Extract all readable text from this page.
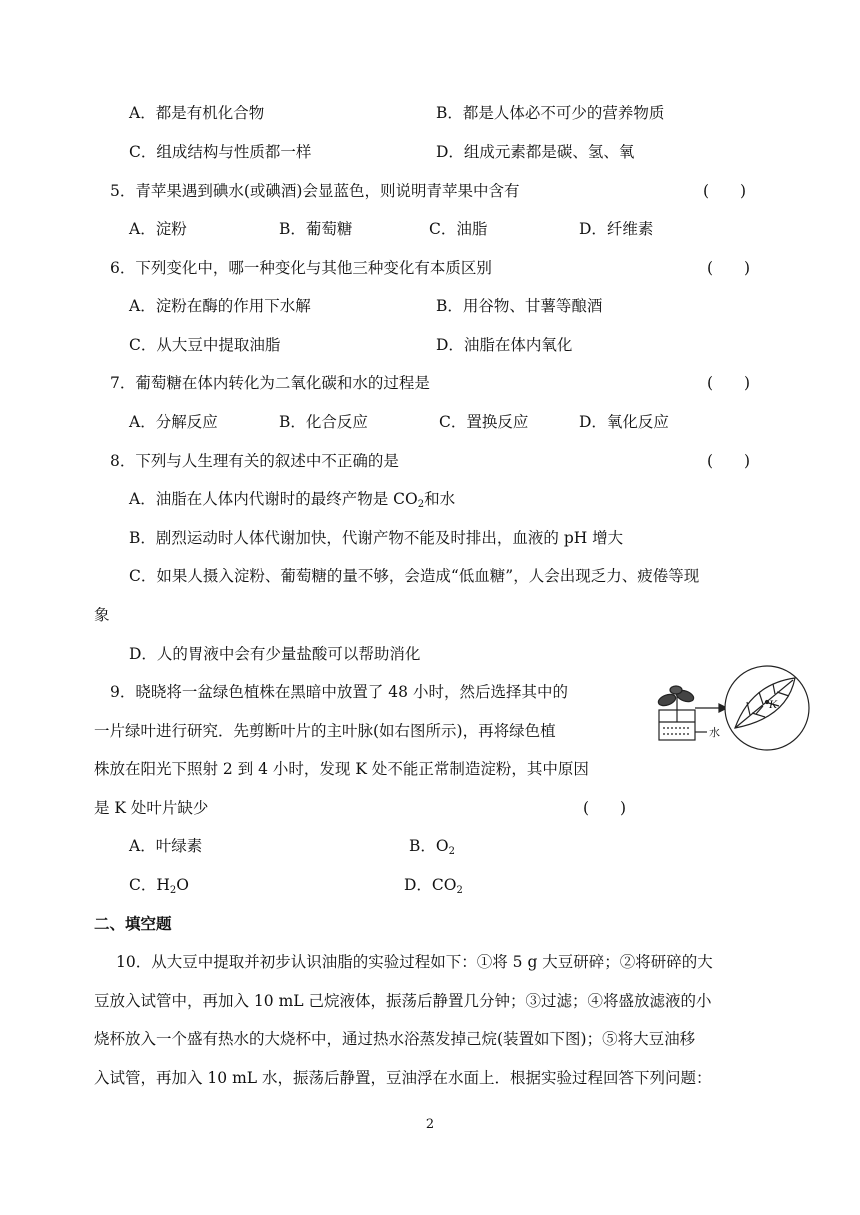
A．都是有机化合物	B．都是人体必不可少的营养物质
C．组成结构与性质都一样	D．组成元素都是碳、氢、氧
5．青苹果遇到碘水(或碘酒)会显蓝色，则说明青苹果中含有	(　　)
A．淀粉	B．葡萄糖	C．油脂	D．纤维素
6．下列变化中，哪一种变化与其他三种变化有本质区别	(　　)
A．淀粉在酶的作用下水解	B．用谷物、甘薯等酿酒
C．从大豆中提取油脂	D．油脂在体内氧化
7．葡萄糖在体内转化为二氧化碳和水的过程是	(　　)
A．分解反应	B．化合反应	C．置换反应	D．氧化反应
8．下列与人生理有关的叙述中不正确的是	(　　)
A．油脂在人体内代谢时的最终产物是 $CO_2$和水
B．剧烈运动时人体代谢加快，代谢产物不能及时排出，血液的 pH 增大
C．如果人摄入淀粉、葡萄糖的量不够，会造成“低血糖”，人会出现乏力、疲倦等现
象
D．人的胃液中会有少量盐酸可以帮助消化
9．晓晓将一盆绿色植株在黑暗中放置了 48 小时，然后选择其中的
一片绿叶进行研究．先剪断叶片的主叶脉(如右图所示)，再将绿色植
株放在阳光下照射 2 到 4 小时，发现 K 处不能正常制造淀粉，其中原因
是 K 处叶片缺少	(　　)
A．叶绿素	B．$O_2$
C．$H_2O$	D．$CO_2$
水
K
二、填空题
10．从大豆中提取并初步认识油脂的实验过程如下：①将 5 g 大豆研碎；②将研碎的大
豆放入试管中，再加入 10 mL 己烷液体，振荡后静置几分钟；③过滤；④将盛放滤液的小
烧杯放入一个盛有热水的大烧杯中，通过热水浴蒸发掉己烷(装置如下图)；⑤将大豆油移
入试管，再加入 10 mL 水，振荡后静置，豆油浮在水面上．根据实验过程回答下列问题：
2
